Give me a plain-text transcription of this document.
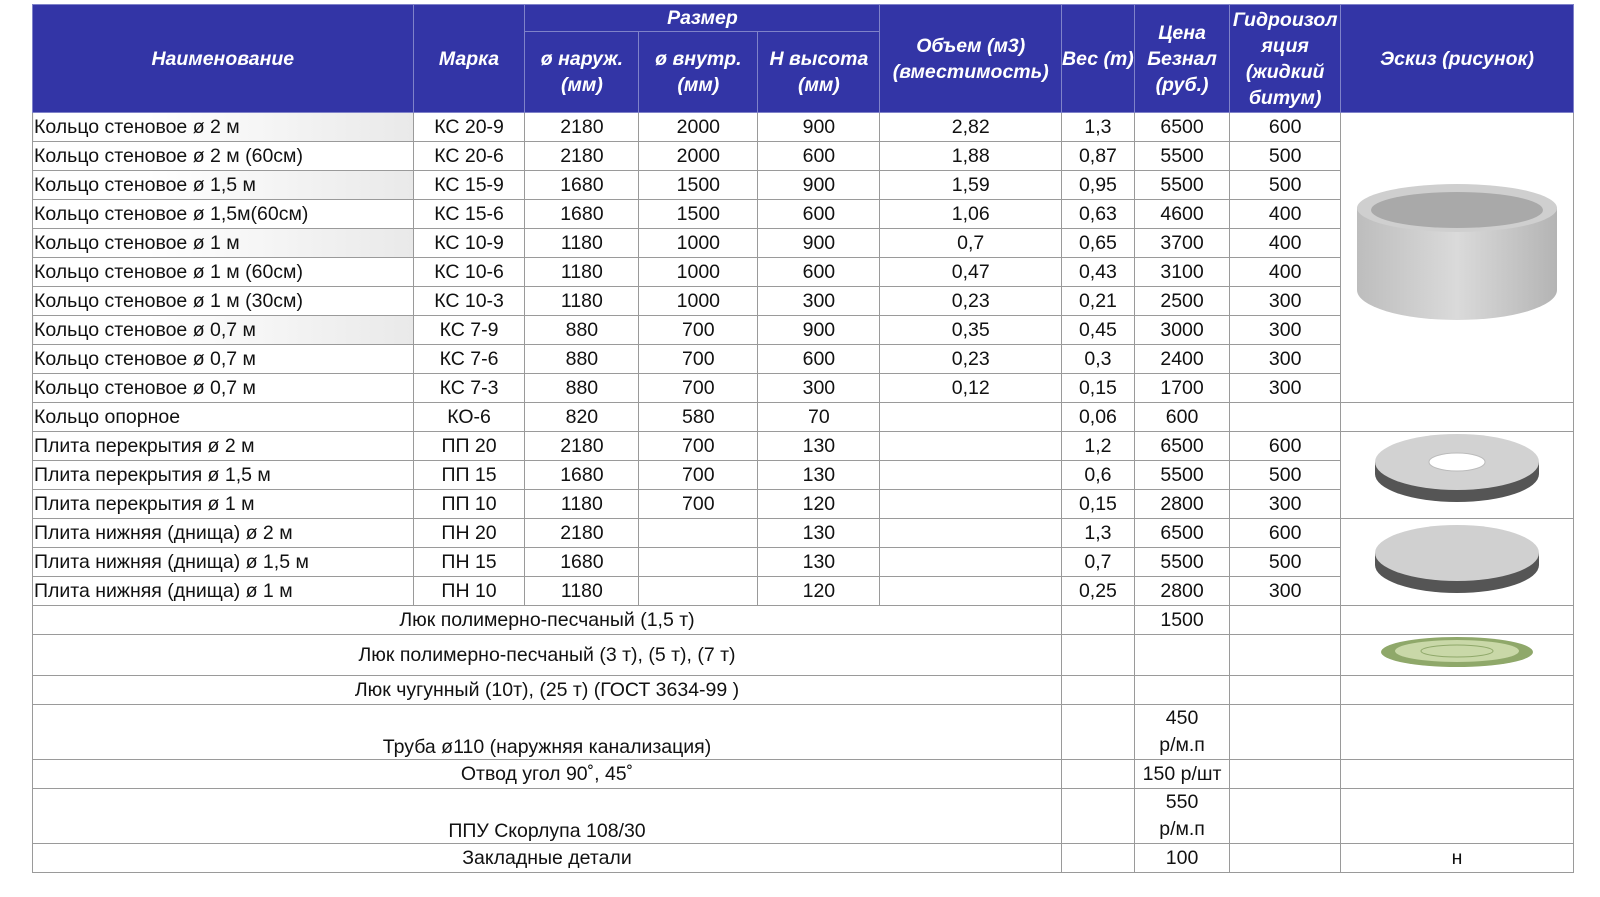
Наименование	Марка	Размер			Объем (м3) (вместимость)	Вес (т)	Цена Безнал (руб.)	Гидроизол яция (жидкий битум)	Эскиз (рисунок)
		ø наруж. (мм)	ø внутр. (мм)	Н высота (мм)					
Кольцо стеновое ø 2 м	КС 20-9	2180	2000	900	2,82	1,3	6500	600	
Кольцо стеновое ø 2 м (60см)	КС 20-6	2180	2000	600	1,88	0,87	5500	500	
Кольцо стеновое ø 1,5 м	КС 15-9	1680	1500	900	1,59	0,95	5500	500	
Кольцо стеновое ø 1,5м(60см)	КС 15-6	1680	1500	600	1,06	0,63	4600	400	
Кольцо стеновое ø 1 м	КС 10-9	1180	1000	900	0,7	0,65	3700	400	
Кольцо стеновое ø 1 м (60см)	КС 10-6	1180	1000	600	0,47	0,43	3100	400	
Кольцо стеновое ø 1 м (30см)	КС 10-3	1180	1000	300	0,23	0,21	2500	300	
Кольцо стеновое ø 0,7 м	КС 7-9	880	700	900	0,35	0,45	3000	300	
Кольцо стеновое ø 0,7 м	КС 7-6	880	700	600	0,23	0,3	2400	300	
Кольцо стеновое ø 0,7 м	КС 7-3	880	700	300	0,12	0,15	1700	300	
Кольцо опорное	КО-6	820	580	70		0,06	600		
Плита перекрытия ø 2 м	ПП 20	2180	700	130		1,2	6500	600	
Плита перекрытия ø 1,5 м	ПП 15	1680	700	130		0,6	5500	500	
Плита перекрытия ø 1 м	ПП 10	1180	700	120		0,15	2800	300	
Плита нижняя (днища) ø 2 м	ПН 20	2180		130		1,3	6500	600	
Плита нижняя (днища) ø 1,5 м	ПН 15	1680		130		0,7	5500	500	
Плита нижняя (днища) ø 1 м	ПН 10	1180		120		0,25	2800	300	
Люк полимерно-песчаный (1,5 т)							1500		
Люк полимерно-песчаный (3 т), (5 т), (7 т)				
Люк чугунный (10т), (25 т) (ГОСТ 3634-99 )									
Труба ø110 (наружняя канализация)							450
р/м.п		

Отвод угол 90˚, 45˚							150 р/шт		
ППУ Скорлупа 108/30							550
р/м.п		

Закладные детали							100		н
